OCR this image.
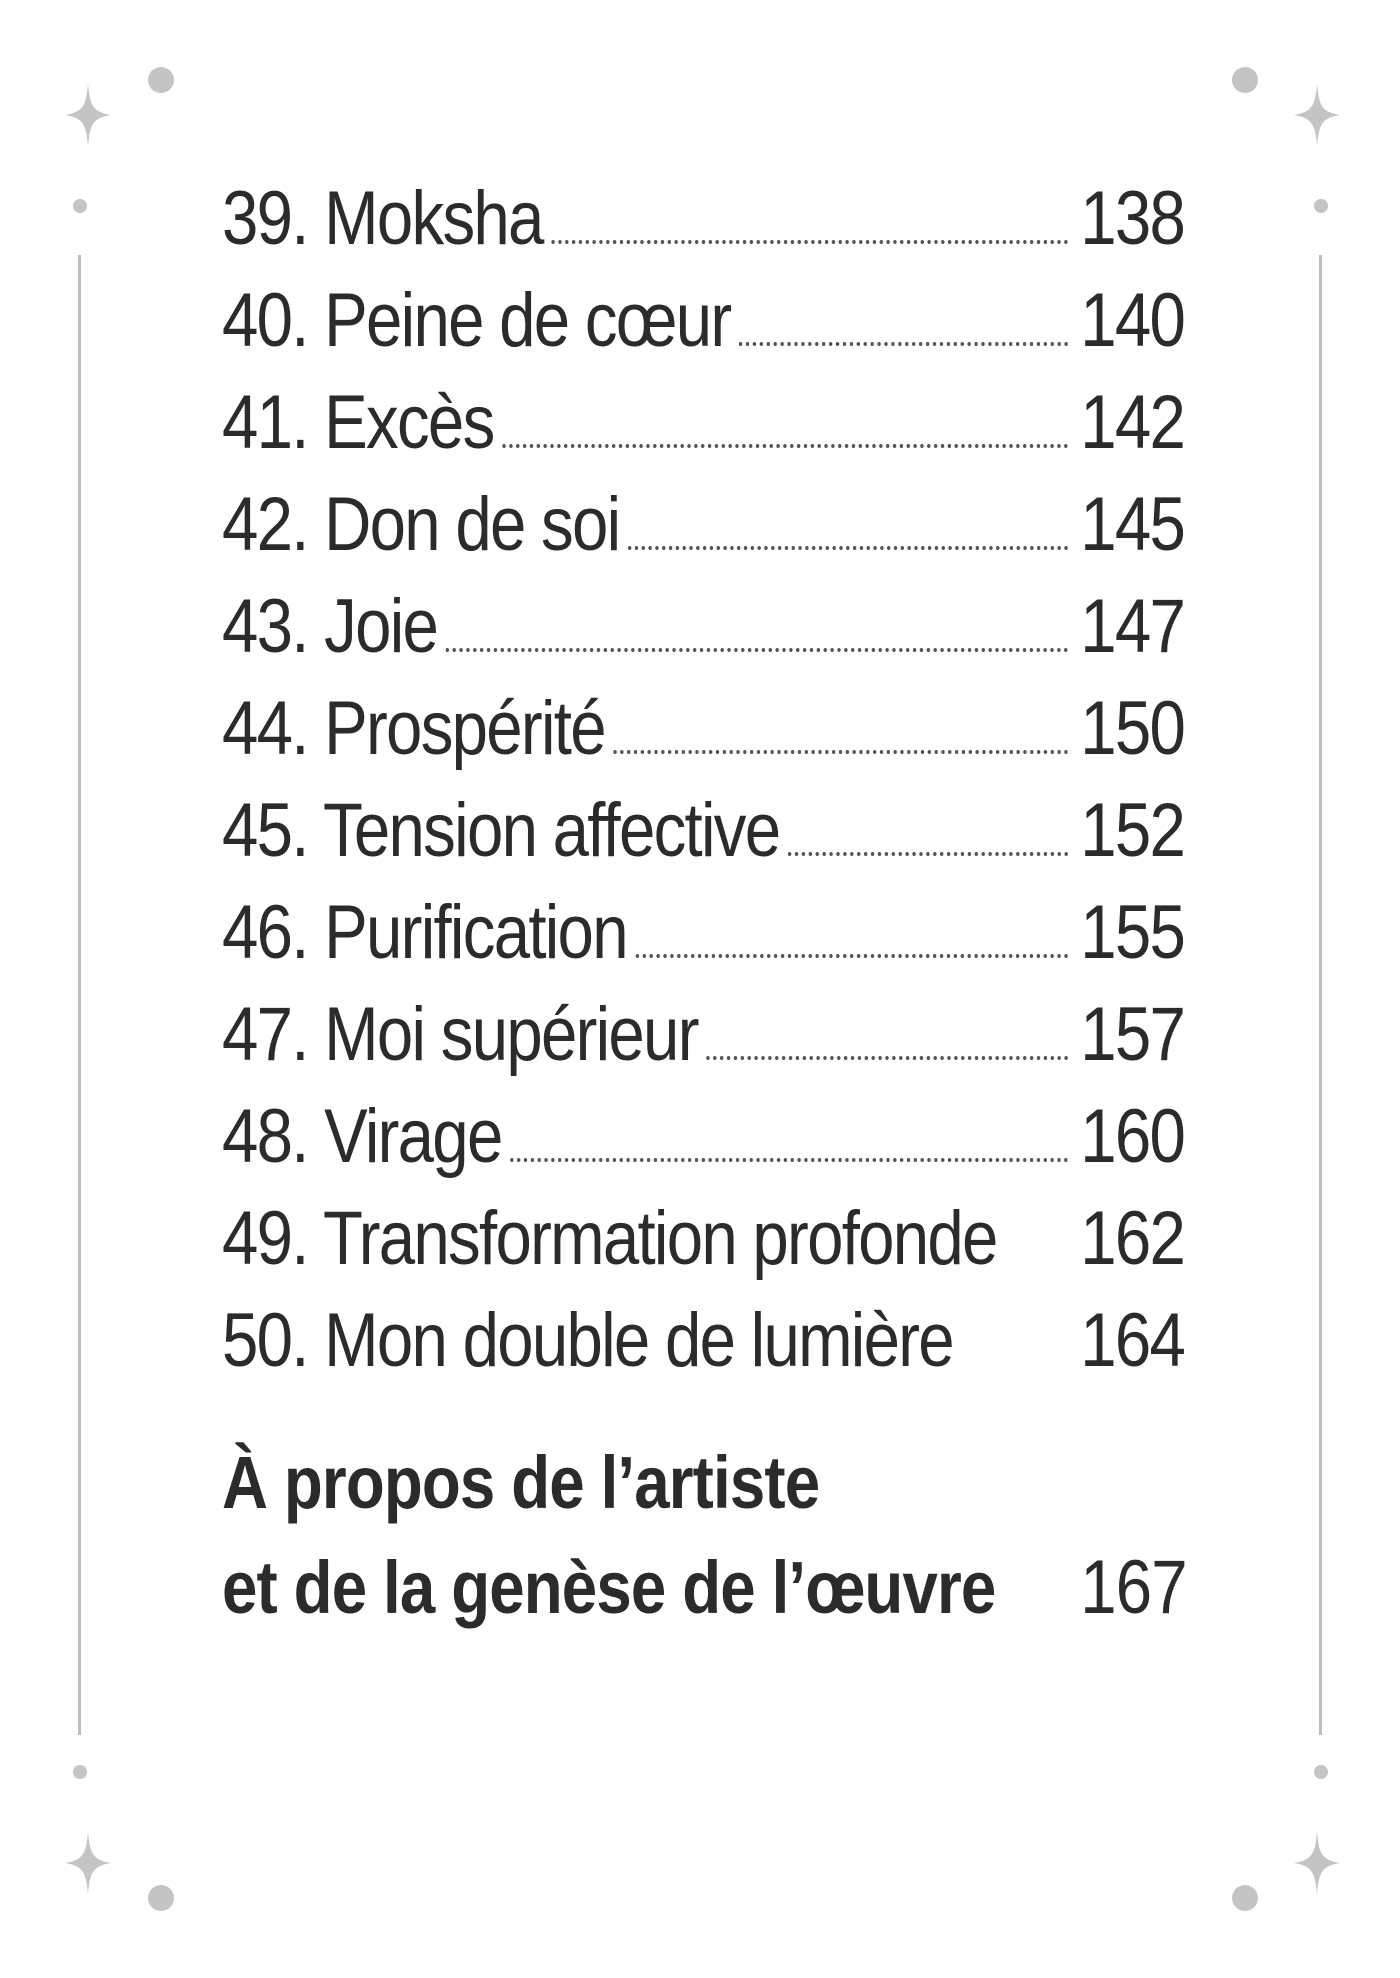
39. Moksha	138
40. Peine de cœur	140
41. Excès	142
42. Don de soi	145
43. Joie	147
44. Prospérité	150
45. Tension affective	152
46. Purification	155
47. Moi supérieur	157
48. Virage	160
49. Transformation profonde 162
50. Mon double de lumière 164
À propos de l’artiste
et de la genèse de l’œuvre 167
